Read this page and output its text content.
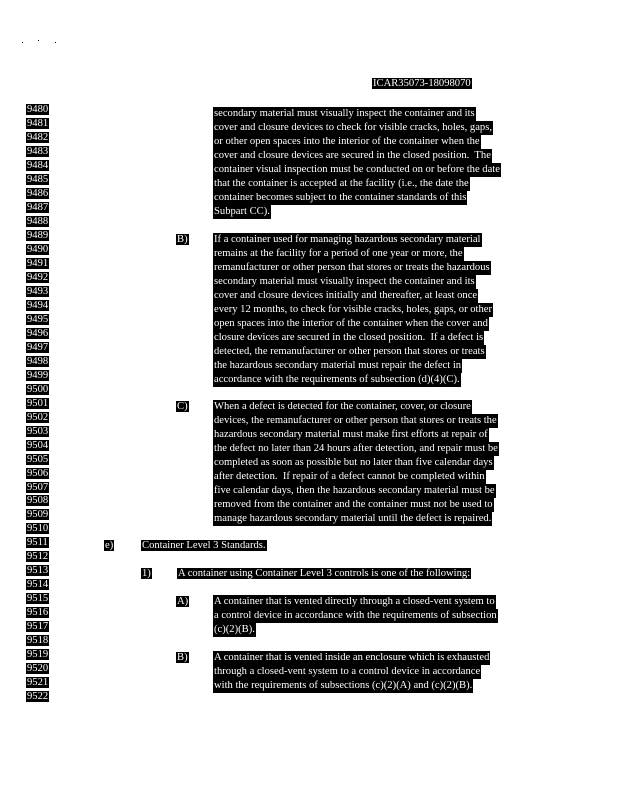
ICAR35073-18098070
9480
9481
9482
9483
9484
9485
9486
9487
9488
9489
9490
9491
9492
9493
9494
9495
9496
9497
9498
9499
9500
9501
9502
9503
9504
9505
9506
9507
9508
9509
9510
9511
9512
9513
9514
9515
9516
9517
9518
9519
9520
9521
9522
secondary material must visually inspect the container and its
cover and closure devices to check for visible cracks, holes, gaps,
or other open spaces into the interior of the container when the
cover and closure devices are secured in the closed position.  The
container visual inspection must be conducted on or before the date
that the container is accepted at the facility (i.e., the date the
container becomes subject to the container standards of this
Subpart CC).
B) If a container used for managing hazardous secondary material
remains at the facility for a period of one year or more, the
remanufacturer or other person that stores or treats the hazardous
secondary material must visually inspect the container and its
cover and closure devices initially and thereafter, at least once
every 12 months, to check for visible cracks, holes, gaps, or other
open spaces into the interior of the container when the cover and
closure devices are secured in the closed position.  If a defect is
detected, the remanufacturer or other person that stores or treats
the hazardous secondary material must repair the defect in
accordance with the requirements of subsection (d)(4)(C).
C) When a defect is detected for the container, cover, or closure
devices, the remanufacturer or other person that stores or treats the
hazardous secondary material must make first efforts at repair of
the defect no later than 24 hours after detection, and repair must be
completed as soon as possible but no later than five calendar days
after detection.  If repair of a defect cannot be completed within
five calendar days, then the hazardous secondary material must be
removed from the container and the container must not be used to
manage hazardous secondary material until the defect is repaired.
e)	Container Level 3 Standards.
1)	A container using Container Level 3 controls is one of the following:
A) A container that is vented directly through a closed-vent system to
a control device in accordance with the requirements of subsection
(c)(2)(B).
B) A container that is vented inside an enclosure which is exhausted
through a closed-vent system to a control device in accordance
with the requirements of subsections (c)(2)(A) and (c)(2)(B).
